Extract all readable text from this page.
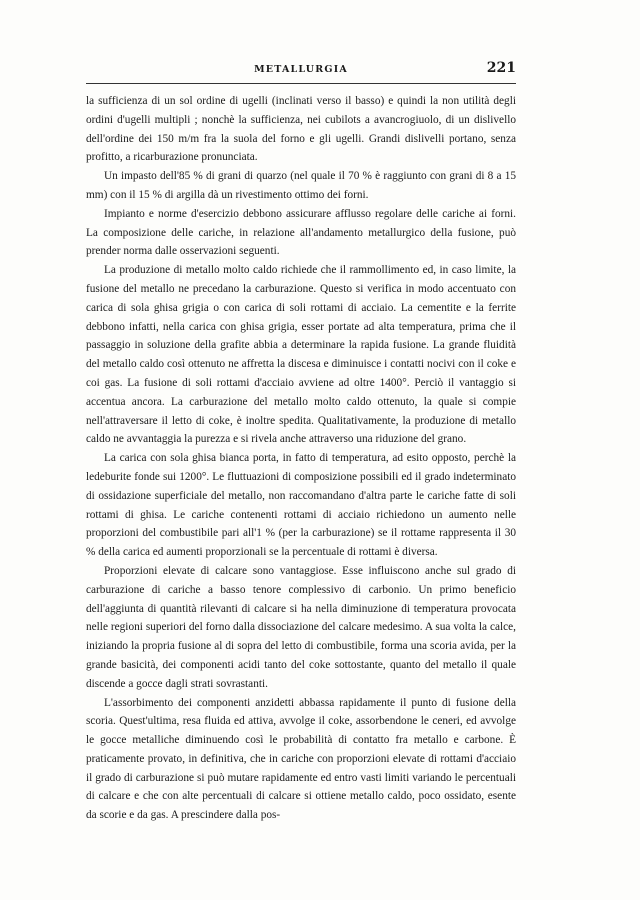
METALLURGIA	221

la sufficienza di un sol ordine di ugelli (inclinati verso il basso) e quindi la non utilità degli ordini d'ugelli multipli ; nonchè la sufficienza, nei cubilots a avancrogiuolo, di un dislivello dell'ordine dei 150 m/m fra la suola del forno e gli ugelli. Grandi dislivelli portano, senza profitto, a ricarburazione pronunciata.

Un impasto dell'85 % di grani di quarzo (nel quale il 70 % è raggiunto con grani di 8 a 15 mm) con il 15 % di argilla dà un rivestimento ottimo dei forni.

Impianto e norme d'esercizio debbono assicurare afflusso regolare delle cariche ai forni. La composizione delle cariche, in relazione all'andamento metallurgico della fusione, può prender norma dalle osservazioni seguenti.

La produzione di metallo molto caldo richiede che il rammollimento ed, in caso limite, la fusione del metallo ne precedano la carburazione. Questo si verifica in modo accentuato con carica di sola ghisa grigia o con carica di soli rottami di acciaio. La cementite e la ferrite debbono infatti, nella carica con ghisa grigia, esser portate ad alta temperatura, prima che il passaggio in soluzione della grafite abbia a determinare la rapida fusione. La grande fluidità del metallo caldo così ottenuto ne affretta la discesa e diminuisce i contatti nocivi con il coke e coi gas. La fusione di soli rottami d'acciaio avviene ad oltre 1400°. Perciò il vantaggio si accentua ancora. La carburazione del metallo molto caldo ottenuto, la quale si compie nell'attraversare il letto di coke, è inoltre spedita. Qualitativamente, la produzione di metallo caldo ne avvantaggia la purezza e si rivela anche attraverso una riduzione del grano.

La carica con sola ghisa bianca porta, in fatto di temperatura, ad esito opposto, perchè la ledeburite fonde sui 1200°. Le fluttuazioni di composizione possibili ed il grado indeterminato di ossidazione superficiale del metallo, non raccomandano d'altra parte le cariche fatte di soli rottami di ghisa. Le cariche contenenti rottami di acciaio richiedono un aumento nelle proporzioni del combustibile pari all'1 % (per la carburazione) se il rottame rappresenta il 30 % della carica ed aumenti proporzionali se la percentuale di rottami è diversa.

Proporzioni elevate di calcare sono vantaggiose. Esse influiscono anche sul grado di carburazione di cariche a basso tenore complessivo di carbonio. Un primo beneficio dell'aggiunta di quantità rilevanti di calcare si ha nella diminuzione di temperatura provocata nelle regioni superiori del forno dalla dissociazione del calcare medesimo. A sua volta la calce, iniziando la propria fusione al di sopra del letto di combustibile, forma una scoria avida, per la grande basicità, dei componenti acidi tanto del coke sottostante, quanto del metallo il quale discende a gocce dagli strati sovrastanti.

L'assorbimento dei componenti anzidetti abbassa rapidamente il punto di fusione della scoria. Quest'ultima, resa fluida ed attiva, avvolge il coke, assorbendone le ceneri, ed avvolge le gocce metalliche diminuendo così le probabilità di contatto fra metallo e carbone. È praticamente provato, in definitiva, che in cariche con proporzioni elevate di rottami d'acciaio il grado di carburazione si può mutare rapidamente ed entro vasti limiti variando le percentuali di calcare e che con alte percentuali di calcare si ottiene metallo caldo, poco ossidato, esente da scorie e da gas. A prescindere dalla pos-
